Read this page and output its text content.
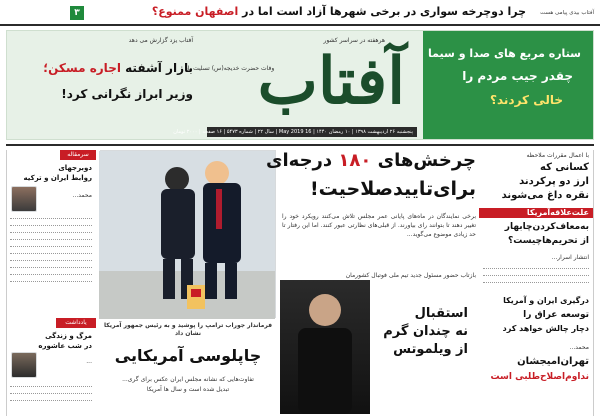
آفتاب بیدی پیامی هست
چرا دوچرخه سواری در برخی شهرها آزاد است اما در اصفهان ممنوع؟
۳
ستاره مربع های صدا و سیما
چقدر جیب مردم را
خالی کردند؟
هرهفته در سراسر کشور
آفتاب
وفات حضرت خدیجه(س) تسلیت باد
آفتاب یزد گزارش می دهد
بازار آشفته اجاره مسکن؛
وزیر ابراز نگرانی کرد!
پنجشنبه ۲۶ اردیبهشت ۱۳۹۸ | ۱۰ رمضان ۱۴۴۰ | 16 May 2019 | سال ۲۲ | شماره ۵۴۷۳ | ۱۶ صفحه | ۲۰۰۰ تومان
سرمقاله
دوبرجهای
روابط ایران و ترکیه
محمد...
یادداشت
مرگ و زندگی
در شب عاشوره
...
فرماندار جوراب ترامپ را پوشید و به رئیس جمهور آمریکا نشان داد
چاپلوسی آمریکایی
تفاوت‌هایی که نشانه مجلس ایران عکس برای گری...
تبدیل شده است و سال ها آمریکا
چرخش‌های ۱۸۰ درجه‌ای
برای‌تایید‌صلاحیت!
برخی نمایندگان در ماه‌های پایانی عمر مجلس تلاش می‌کنند رویکرد خود را تغییر دهند تا بتوانند رای بیاورند. از قبلی‌های نظارتی عبور کنند. اما این رفتار تا حد زیادی موضوع می‌گوید...
بازتاب حضور مسئول جدید تیم ملی فوتبال کشورمان
استقبال
نه چندان گرم
از ویلموتس
با اعمال مقررات ملاحظه
کسانی که
ارز دو پرکردند
نقره داغ می‌شوند
علت‌علاقه‌آمریکا
به‌معاف‌کردن‌چابهار
از تحریم‌هاچیست؟
انتشار اسرار...
درگیری ایران و آمریکا
توسعه عراق را
دچار چالش خواهد کرد
محمد...
تهران‌امیجشان
نداوم‌اصلاح‌طلبی است
